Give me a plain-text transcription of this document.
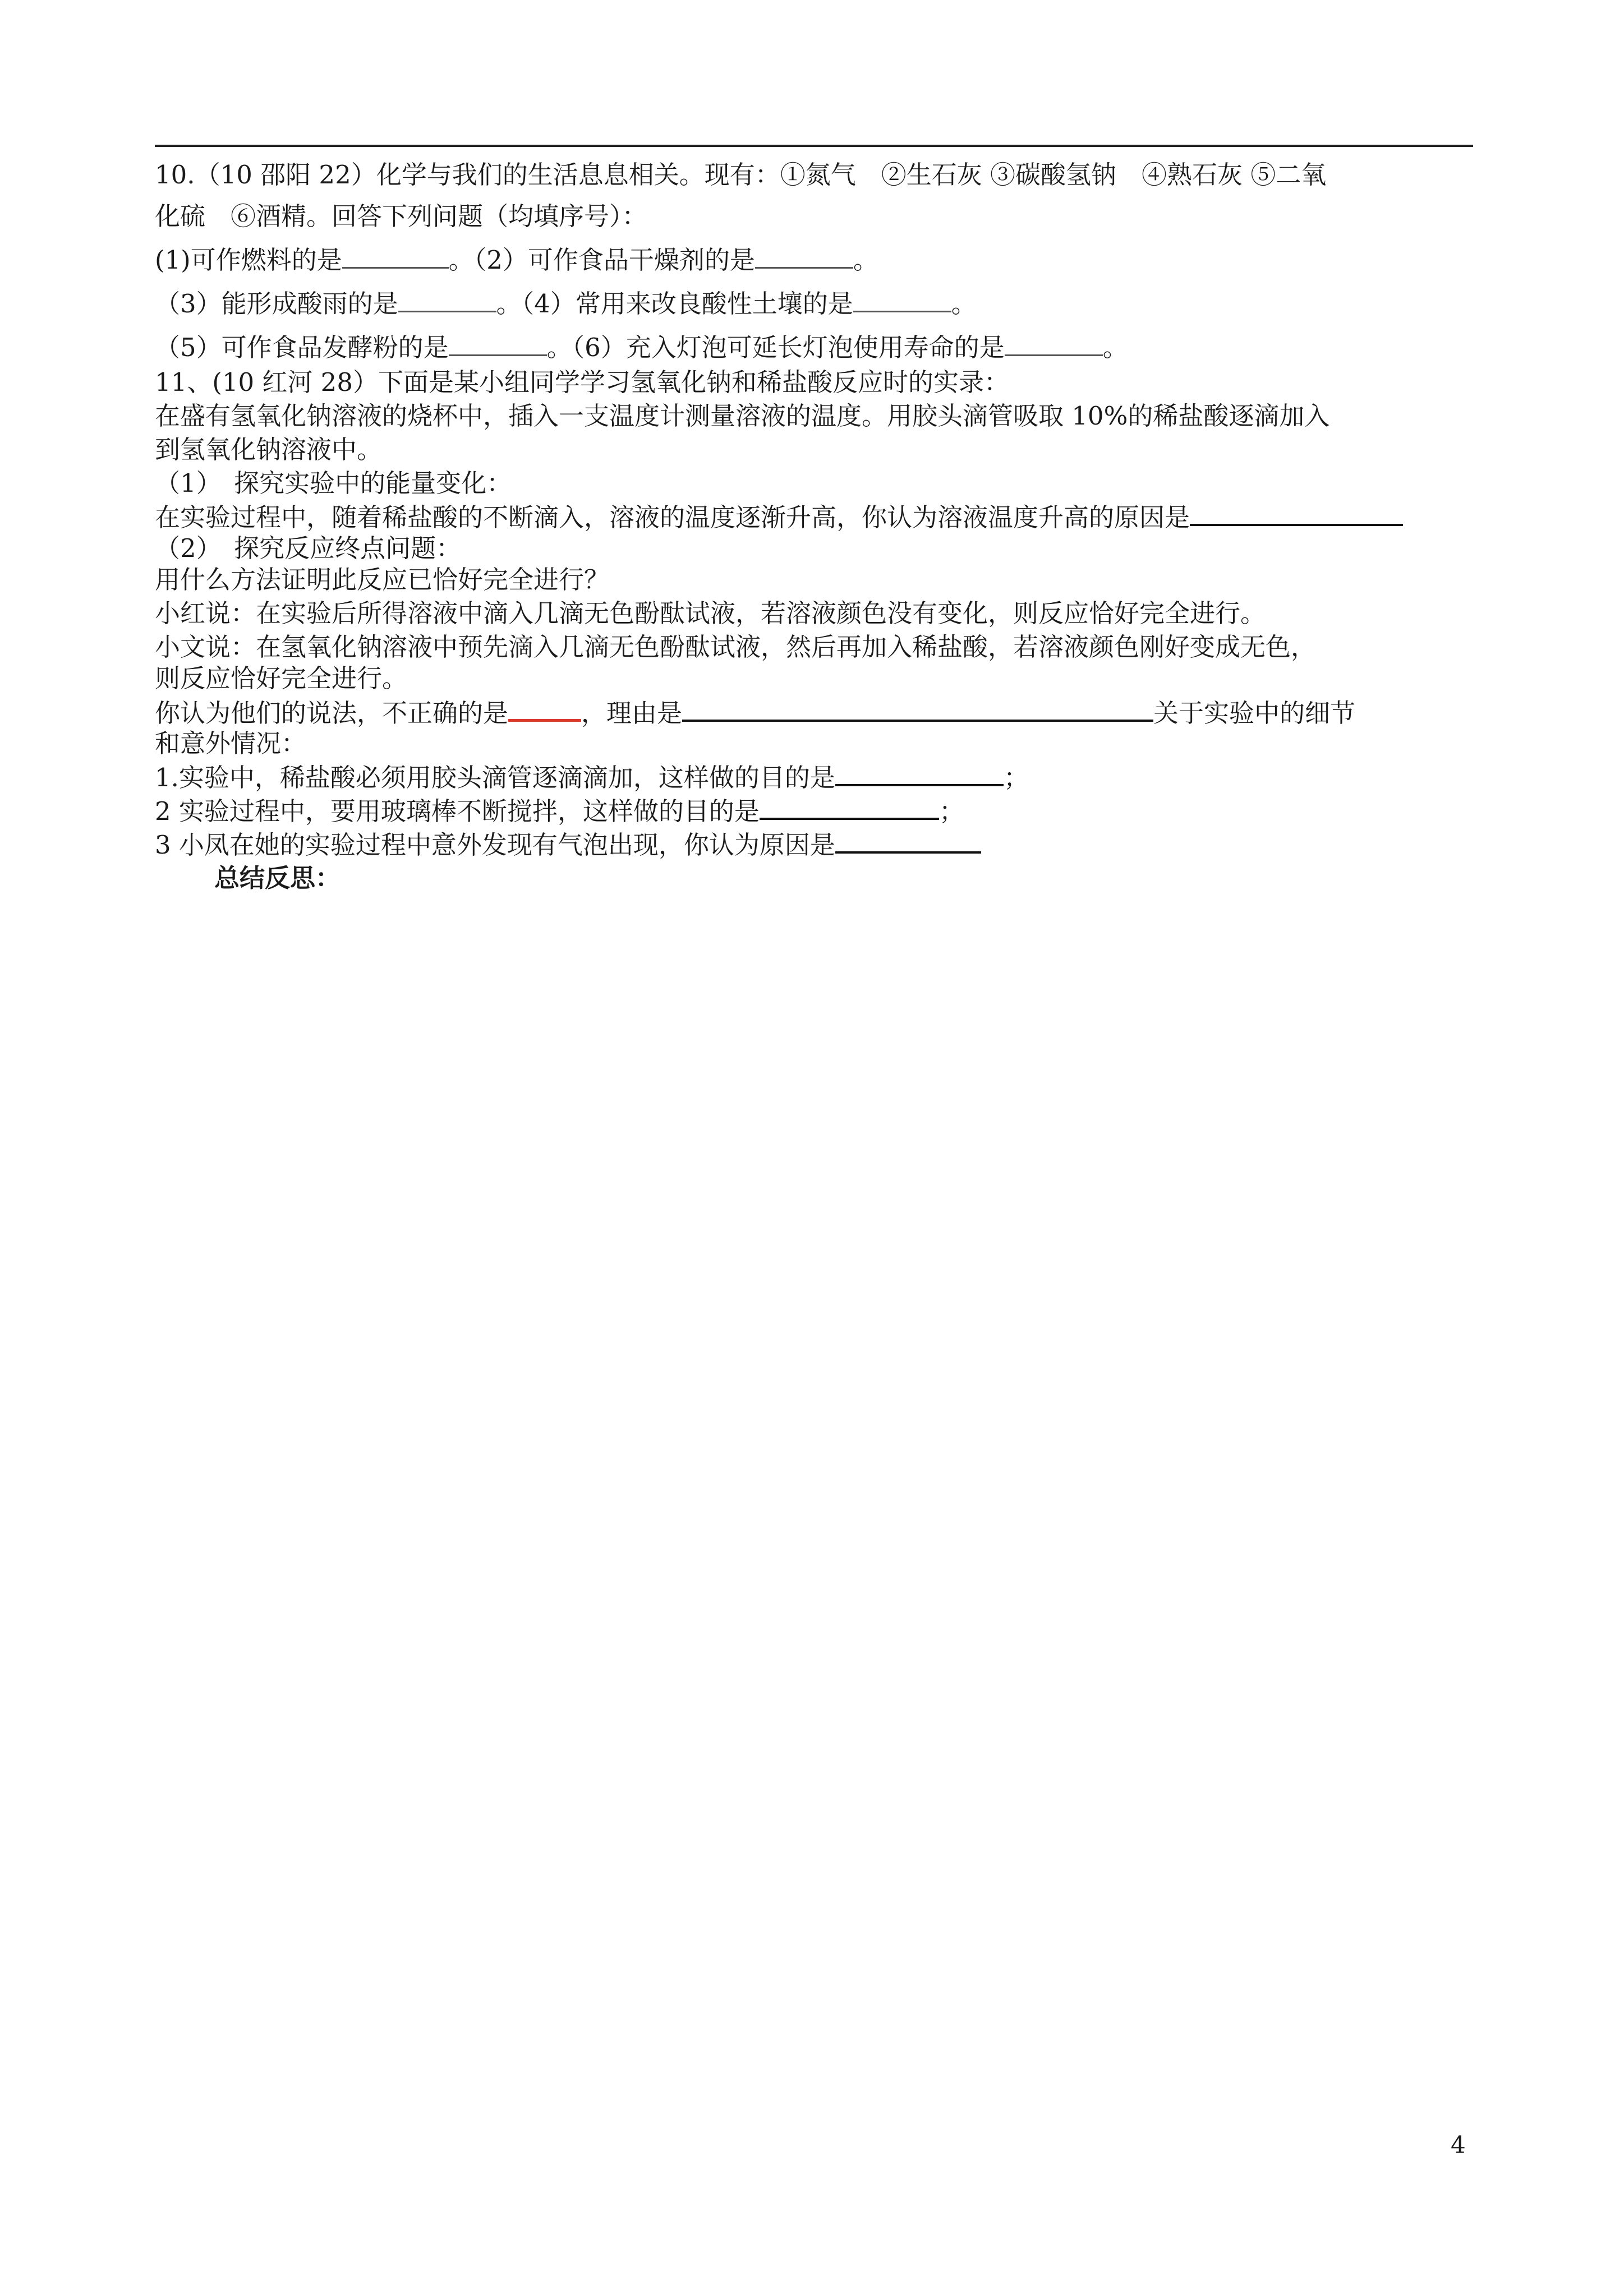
10.（10 邵阳 22）化学与我们的生活息息相关。现有：①氮气　②生石灰 ③碳酸氢钠　④熟石灰 ⑤二氧
化硫　⑥酒精。回答下列问题（均填序号）：
(1)可作燃料的是	。（2）可作食品干燥剂的是	。
（3）能形成酸雨的是	。（4）常用来改良酸性土壤的是	。
（5）可作食品发酵粉的是	。（6）充入灯泡可延长灯泡使用寿命的是	。
11、(10 红河 28）下面是某小组同学学习氢氧化钠和稀盐酸反应时的实录：
在盛有氢氧化钠溶液的烧杯中，插入一支温度计测量溶液的温度。用胶头滴管吸取 10%的稀盐酸逐滴加入
到氢氧化钠溶液中。
（1）　探究实验中的能量变化：
在实验过程中，随着稀盐酸的不断滴入，溶液的温度逐渐升高，你认为溶液温度升高的原因是
（2）　探究反应终点问题：
用什么方法证明此反应已恰好完全进行？
小红说：在实验后所得溶液中滴入几滴无色酚酞试液，若溶液颜色没有变化，则反应恰好完全进行。
小文说：在氢氧化钠溶液中预先滴入几滴无色酚酞试液，然后再加入稀盐酸，若溶液颜色刚好变成无色，
则反应恰好完全进行。
你认为他们的说法，不正确的是	，理由是	关于实验中的细节
和意外情况：
1.实验中，稀盐酸必须用胶头滴管逐滴滴加，这样做的目的是	；
2 实验过程中，要用玻璃棒不断搅拌，这样做的目的是	；
3 小凤在她的实验过程中意外发现有气泡出现，你认为原因是
总结反思：
4
